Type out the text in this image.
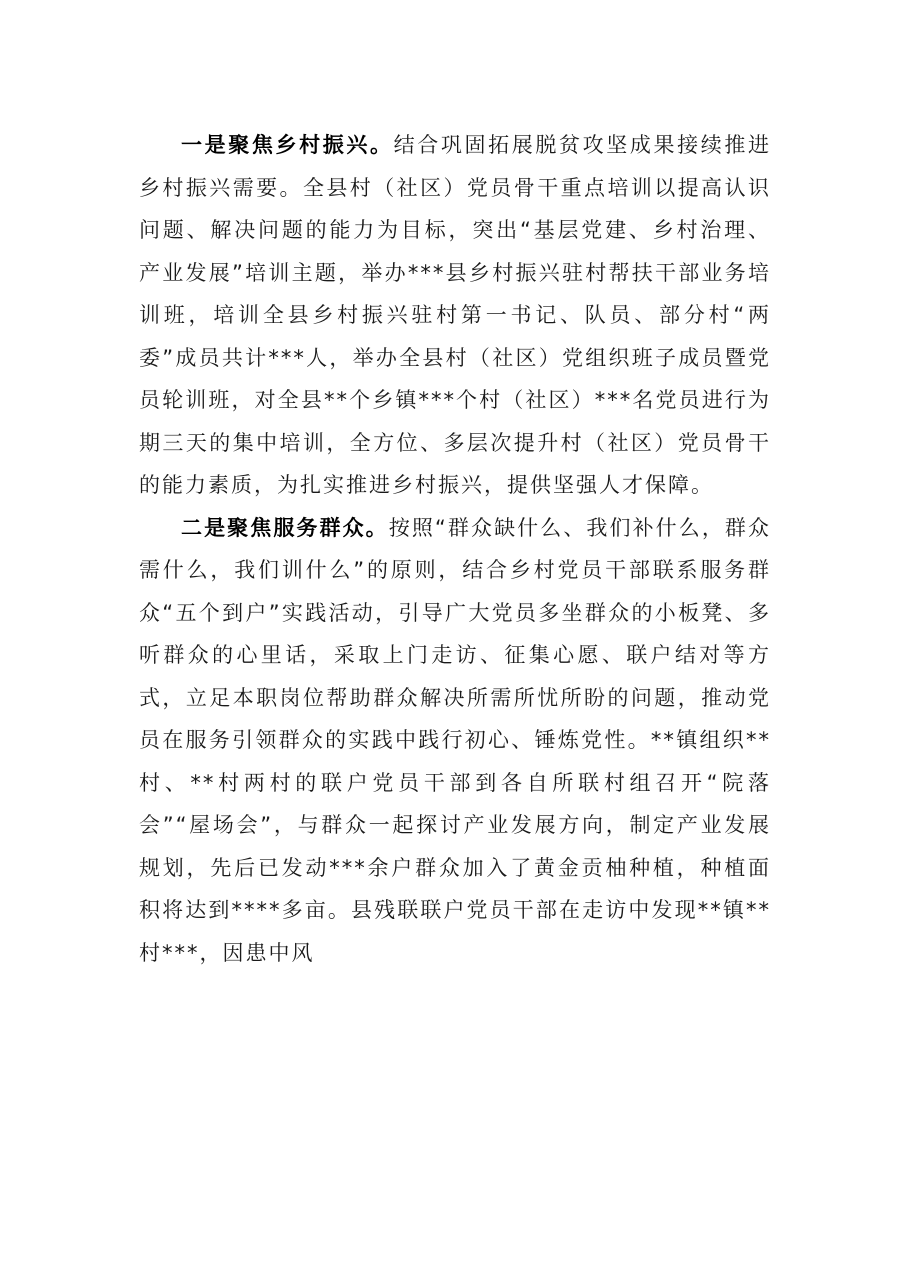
一是聚焦乡村振兴。结合巩固拓展脱贫攻坚成果接续推进乡村振兴需要。全县村（社区）党员骨干重点培训以提高认识问题、解决问题的能力为目标，突出“基层党建、乡村治理、产业发展”培训主题，举办***县乡村振兴驻村帮扶干部业务培训班，培训全县乡村振兴驻村第一书记、队员、部分村“两委”成员共计***人，举办全县村（社区）党组织班子成员暨党员轮训班，对全县**个乡镇***个村（社区）***名党员进行为期三天的集中培训，全方位、多层次提升村（社区）党员骨干的能力素质，为扎实推进乡村振兴，提供坚强人才保障。

二是聚焦服务群众。按照“群众缺什么、我们补什么，群众需什么，我们训什么”的原则，结合乡村党员干部联系服务群众“五个到户”实践活动，引导广大党员多坐群众的小板凳、多听群众的心里话，采取上门走访、征集心愿、联户结对等方式，立足本职岗位帮助群众解决所需所忧所盼的问题，推动党员在服务引领群众的实践中践行初心、锤炼党性。**镇组织**村、**村两村的联户党员干部到各自所联村组召开“院落会”“屋场会”，与群众一起探讨产业发展方向，制定产业发展规划，先后已发动***余户群众加入了黄金贡柚种植，种植面积将达到****多亩。县残联联户党员干部在走访中发现**镇**村***，因患中风
